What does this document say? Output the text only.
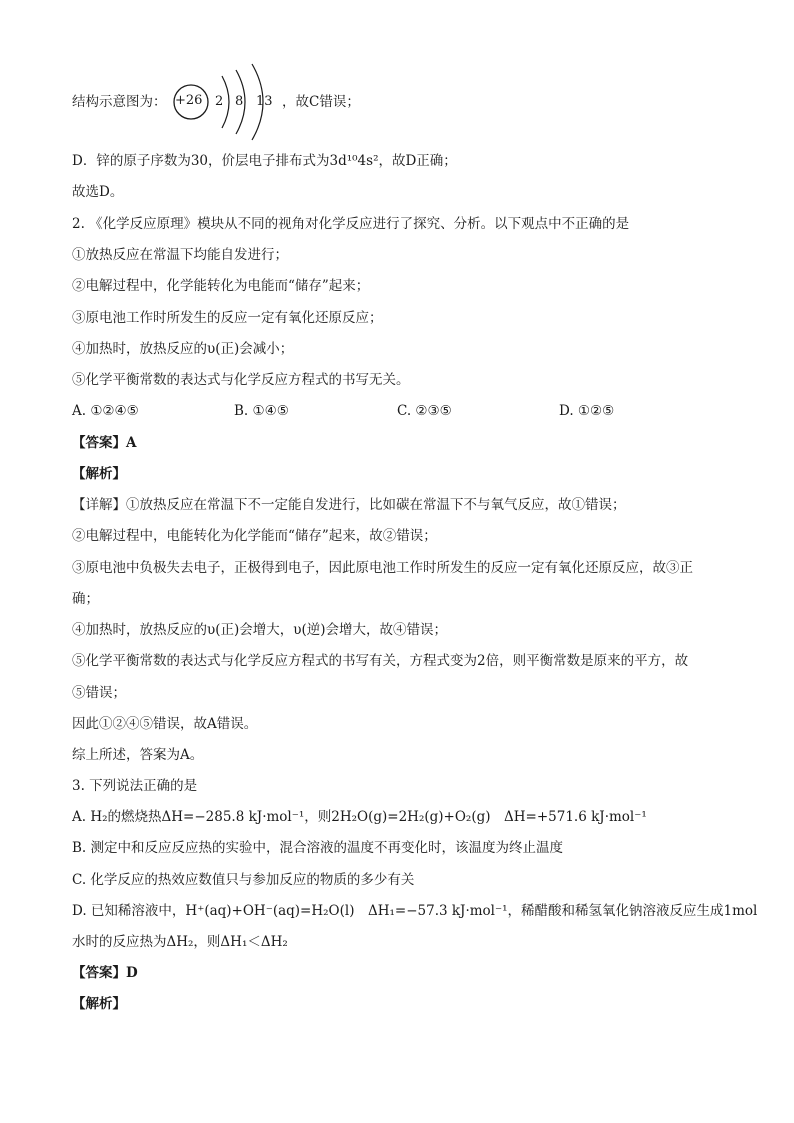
结构示意图为： +26 2 8 13 ，故C错误；
D．锌的原子序数为30，价层电子排布式为3d¹⁰4s²，故D正确；
故选D。
2. 《化学反应原理》模块从不同的视角对化学反应进行了探究、分析。以下观点中不正确的是
①放热反应在常温下均能自发进行；
②电解过程中，化学能转化为电能而“储存”起来；
③原电池工作时所发生的反应一定有氧化还原反应；
④加热时，放热反应的υ(正)会减小；
⑤化学平衡常数的表达式与化学反应方程式的书写无关。
A. ①②④⑤	B. ①④⑤	C. ②③⑤	D. ①②⑤
【答案】A
【解析】
【详解】①放热反应在常温下不一定能自发进行，比如碳在常温下不与氧气反应，故①错误；
②电解过程中，电能转化为化学能而“储存”起来，故②错误；
③原电池中负极失去电子，正极得到电子，因此原电池工作时所发生的反应一定有氧化还原反应，故③正
确；
④加热时，放热反应的υ(正)会增大，υ(逆)会增大，故④错误；
⑤化学平衡常数的表达式与化学反应方程式的书写有关，方程式变为2倍，则平衡常数是原来的平方，故
⑤错误；
因此①②④⑤错误，故A错误。
综上所述，答案为A。
3. 下列说法正确的是
A. H₂的燃烧热ΔH=−285.8 kJ·mol⁻¹，则2H₂O(g)=2H₂(g)+O₂(g)　ΔH=+571.6 kJ·mol⁻¹
B. 测定中和反应反应热的实验中，混合溶液的温度不再变化时，该温度为终止温度
C. 化学反应的热效应数值只与参加反应的物质的多少有关
D. 已知稀溶液中，H⁺(aq)+OH⁻(aq)=H₂O(l)　ΔH₁=−57.3 kJ·mol⁻¹，稀醋酸和稀氢氧化钠溶液反应生成1mol
水时的反应热为ΔH₂，则ΔH₁＜ΔH₂
【答案】D
【解析】
